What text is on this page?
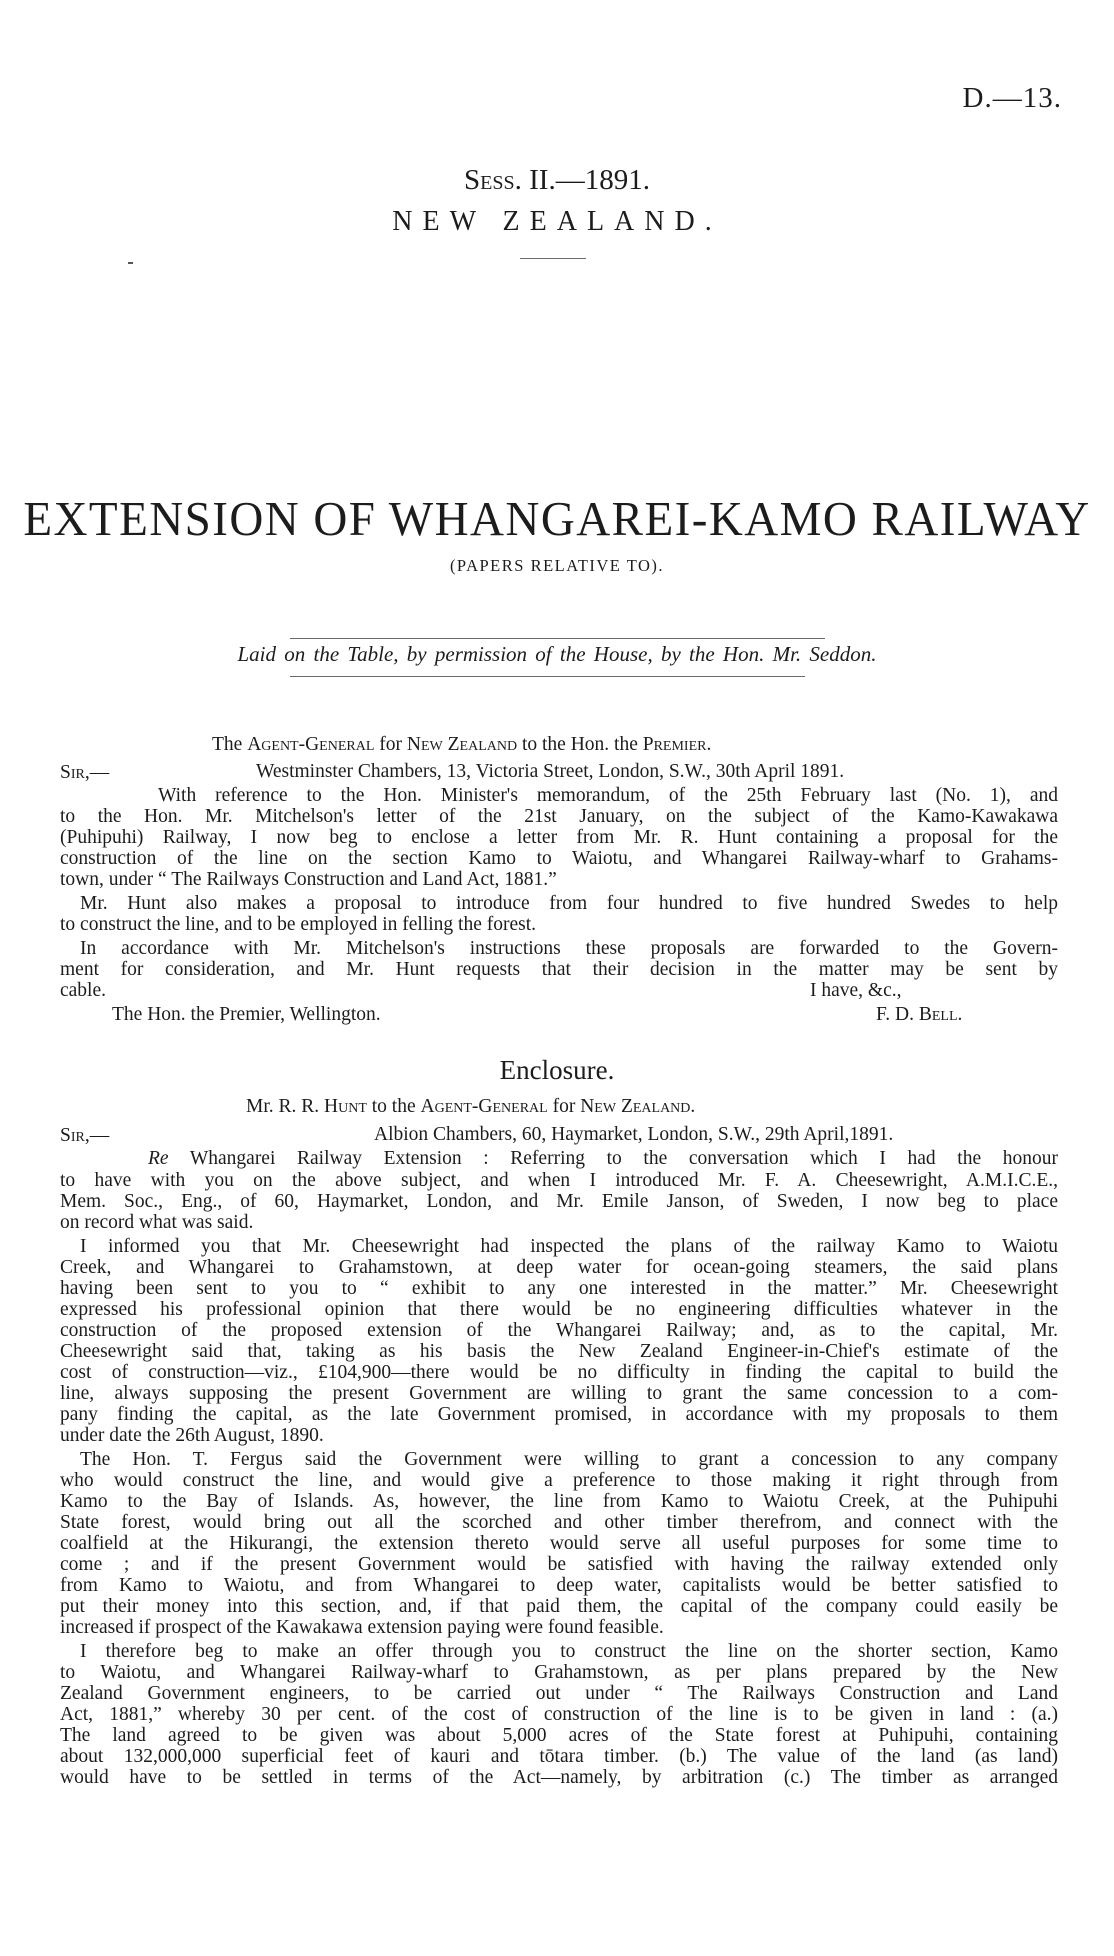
D.—13.
Sess. II.—1891.
NEW ZEALAND.
EXTENSION OF WHANGAREI-KAMO RAILWAY
(PAPERS RELATIVE TO).
Laid on the Table, by permission of the House, by the Hon. Mr. Seddon.
The Agent-General for New Zealand to the Hon. the Premier.
Sir,—	Westminster Chambers, 13, Victoria Street, London, S.W., 30th April 1891.
With reference to the Hon. Minister's memorandum, of the 25th February last (No. 1), and
to the Hon. Mr. Mitchelson's letter of the 21st January, on the subject of the Kamo-Kawakawa
(Puhipuhi) Railway, I now beg to enclose a letter from Mr. R. Hunt containing a proposal for the
construction of the line on the section Kamo to Waiotu, and Whangarei Railway-wharf to Grahams-
town, under “ The Railways Construction and Land Act, 1881.”
Mr. Hunt also makes a proposal to introduce from four hundred to five hundred Swedes to help
to construct the line, and to be employed in felling the forest.
In accordance with Mr. Mitchelson's instructions these proposals are forwarded to the Govern-
ment for consideration, and Mr. Hunt requests that their decision in the matter may be sent by
cable.	I have, &c.,
The Hon. the Premier, Wellington.	F. D. Bell.
Enclosure.
Mr. R. R. Hunt to the Agent-General for New Zealand.
Sir,—	Albion Chambers, 60, Haymarket, London, S.W., 29th April,1891.
Re Whangarei Railway Extension : Referring to the conversation which I had the honour
to have with you on the above subject, and when I introduced Mr. F. A. Cheesewright, A.M.I.C.E.,
Mem. Soc., Eng., of 60, Haymarket, London, and Mr. Emile Janson, of Sweden, I now beg to place
on record what was said.
I informed you that Mr. Cheesewright had inspected the plans of the railway Kamo to Waiotu
Creek, and Whangarei to Grahamstown, at deep water for ocean-going steamers, the said plans
having been sent to you to “ exhibit to any one interested in the matter.” Mr. Cheesewright
expressed his professional opinion that there would be no engineering difficulties whatever in the
construction of the proposed extension of the Whangarei Railway; and, as to the capital, Mr.
Cheesewright said that, taking as his basis the New Zealand Engineer-in-Chief's estimate of the
cost of construction—viz., £104,900—there would be no difficulty in finding the capital to build the
line, always supposing the present Government are willing to grant the same concession to a com-
pany finding the capital, as the late Government promised, in accordance with my proposals to them
under date the 26th August, 1890.
The Hon. T. Fergus said the Government were willing to grant a concession to any company
who would construct the line, and would give a preference to those making it right through from
Kamo to the Bay of Islands. As, however, the line from Kamo to Waiotu Creek, at the Puhipuhi
State forest, would bring out all the scorched and other timber therefrom, and connect with the
coalfield at the Hikurangi, the extension thereto would serve all useful purposes for some time to
come ; and if the present Government would be satisfied with having the railway extended only
from Kamo to Waiotu, and from Whangarei to deep water, capitalists would be better satisfied to
put their money into this section, and, if that paid them, the capital of the company could easily be
increased if prospect of the Kawakawa extension paying were found feasible.
I therefore beg to make an offer through you to construct the line on the shorter section, Kamo
to Waiotu, and Whangarei Railway-wharf to Grahamstown, as per plans prepared by the New
Zealand Government engineers, to be carried out under “ The Railways Construction and Land
Act, 1881,” whereby 30 per cent. of the cost of construction of the line is to be given in land : (a.)
The land agreed to be given was about 5,000 acres of the State forest at Puhipuhi, containing
about 132,000,000 superficial feet of kauri and tōtara timber. (b.) The value of the land (as land)
would have to be settled in terms of the Act—namely, by arbitration (c.) The timber as arranged
